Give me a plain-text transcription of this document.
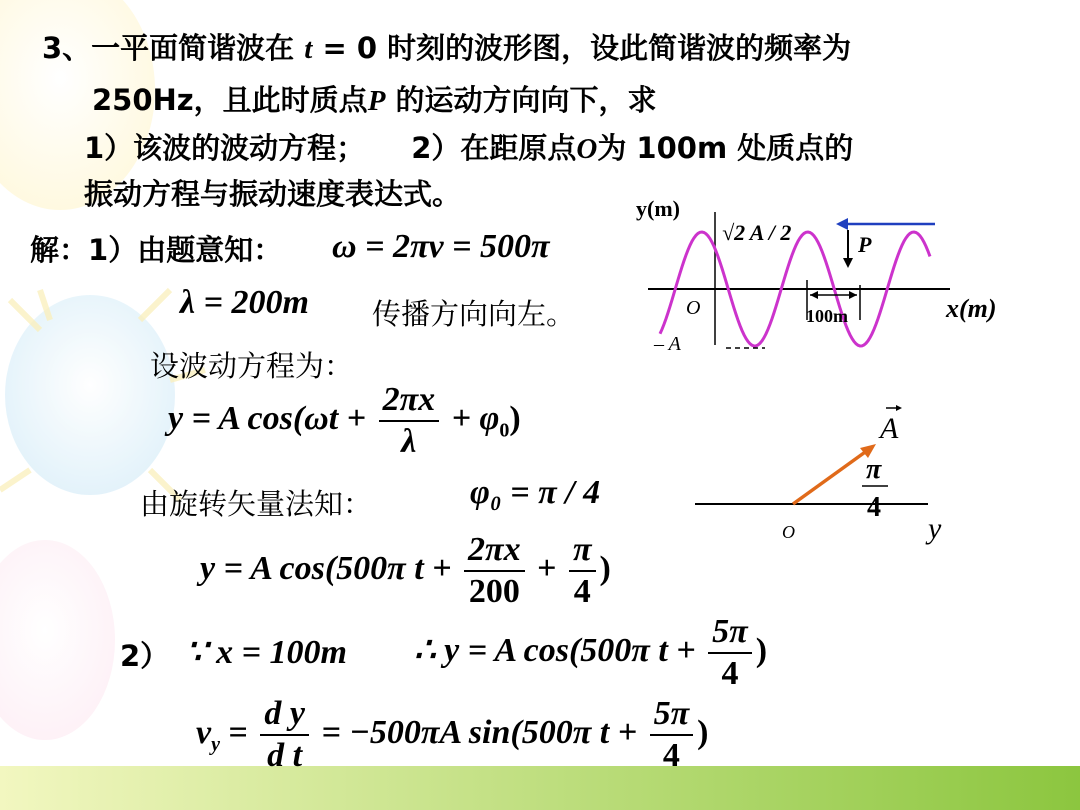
3、一平面简谐波在 t = 0 时刻的波形图，设此简谐波的频率为
250Hz，且此时质点P 的运动方向向下，求
1）该波的波动方程； 2）在距原点O为 100m 处质点的
振动方程与振动速度表达式。
解：1）由题意知： ω = 2πν = 500π
λ = 200m 传播方向向左。
设波动方程为：
y = A $\cos(\omega t + \frac{2\pi x}{\lambda} + \varphi_0)$
由旋转矢量法知：	φ₀ = π / 4
y = A cos(500π $t + \frac{2\pi x}{200} + \frac{\pi}{4}$ )
2） ∵ x = 100m ∴ y = A cos(500π $t + \frac{5\pi}{4}$ )
$v_y = \frac{\text{d y}}{\text{d t}} = -500\pi A$ sin(500π $t + \frac{5\pi}{4}$ )
y(m)
√2 A / 2	P
O	100m
– A
x(m)
A
π
4
O	y
